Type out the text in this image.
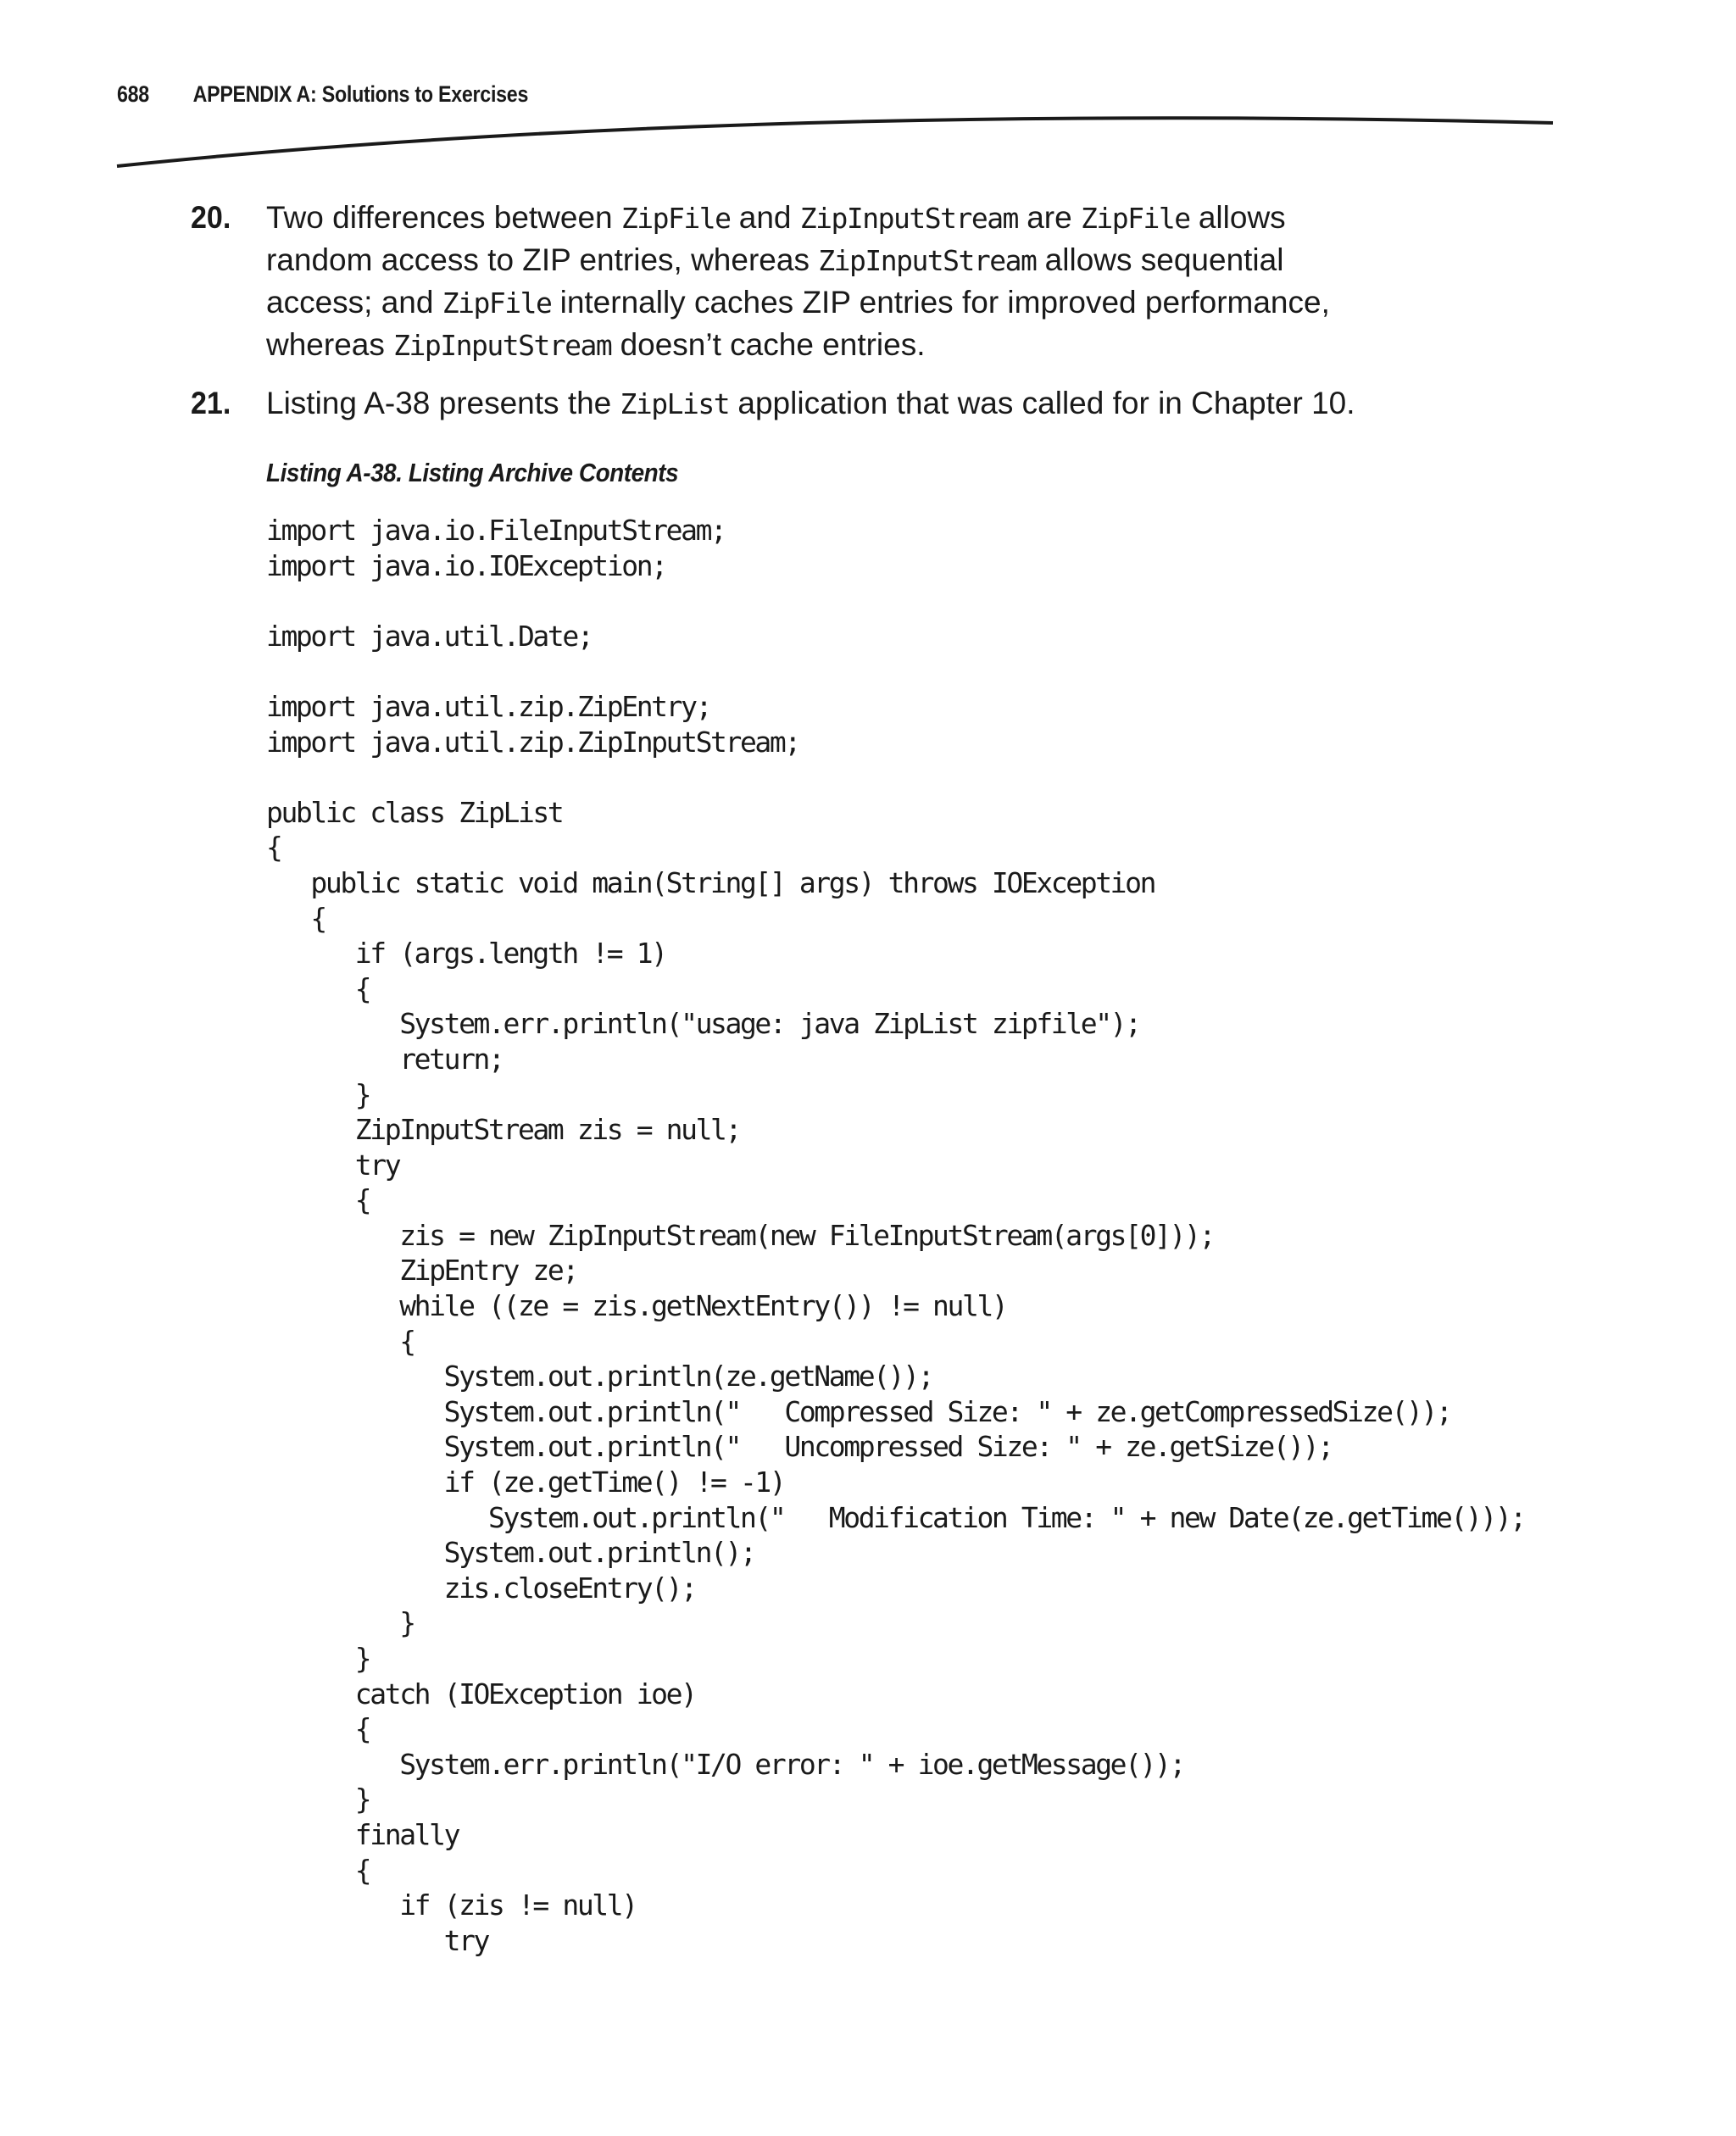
688 APPENDIX A: Solutions to Exercises
20. Two differences between ZipFile and ZipInputStream are ZipFile allows
random access to ZIP entries, whereas ZipInputStream allows sequential
access; and ZipFile internally caches ZIP entries for improved performance,
whereas ZipInputStream doesn’t cache entries.
21. Listing A-38 presents the ZipList application that was called for in Chapter 10.
Listing A-38. Listing Archive Contents
import java.io.FileInputStream;
import java.io.IOException;
import java.util.Date;
import java.util.zip.ZipEntry;
import java.util.zip.ZipInputStream;
public class ZipList
{
public static void main(String[] args) throws IOException
{
if (args.length != 1)
{
System.err.println("usage: java ZipList zipfile");
return;
}
ZipInputStream zis = null;
try
{
zis = new ZipInputStream(new FileInputStream(args[0]));
ZipEntry ze;
while ((ze = zis.getNextEntry()) != null)
{
System.out.println(ze.getName());
System.out.println("   Compressed Size: " + ze.getCompressedSize());
System.out.println("   Uncompressed Size: " + ze.getSize());
if (ze.getTime() != -1)
System.out.println("   Modification Time: " + new Date(ze.getTime()));
System.out.println();
zis.closeEntry();
}
}
catch (IOException ioe)
{
System.err.println("I/O error: " + ioe.getMessage());
}
finally
{
if (zis != null)
try
